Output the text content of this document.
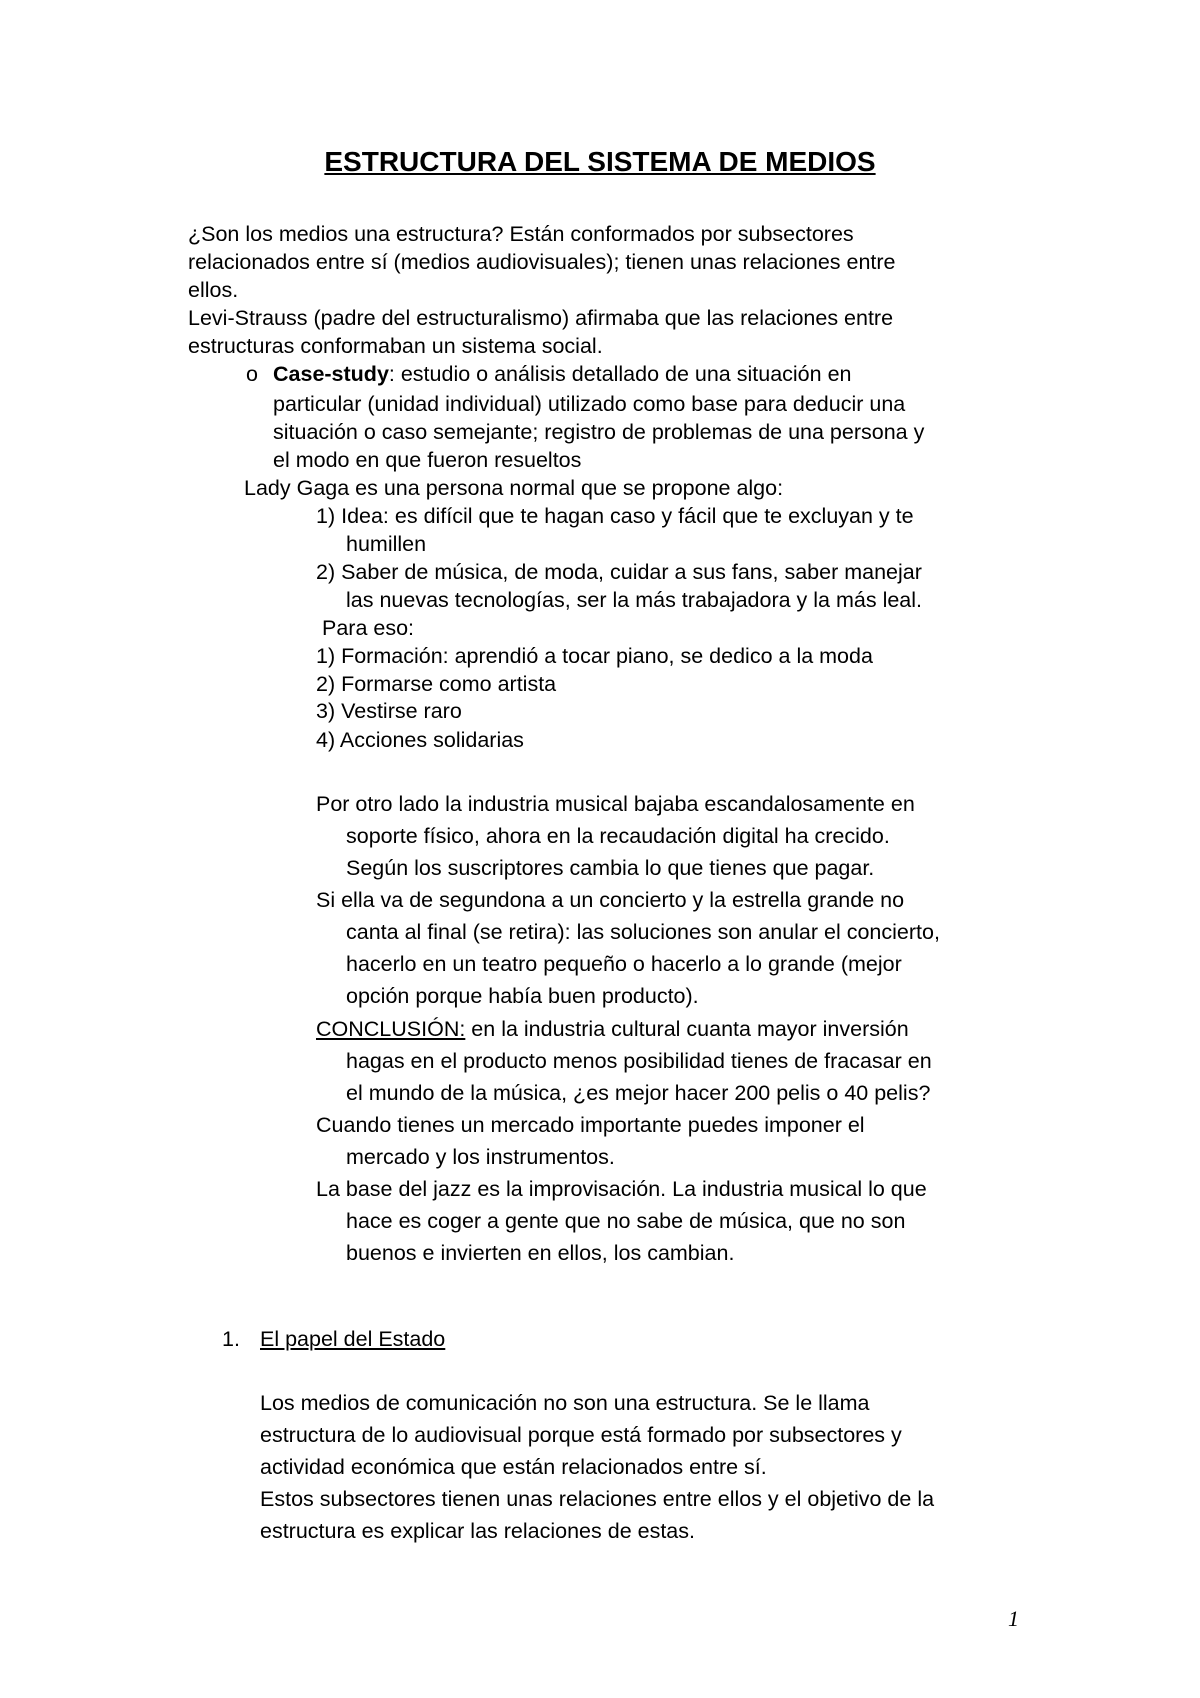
ESTRUCTURA DEL SISTEMA DE MEDIOS
¿Son los medios una estructura? Están conformados por subsectores
relacionados entre sí (medios audiovisuales); tienen unas relaciones entre
ellos.
Levi-Strauss (padre del estructuralismo) afirmaba que las relaciones entre
estructuras conformaban un sistema social.
o Case-study: estudio o análisis detallado de una situación en
particular (unidad individual) utilizado como base para deducir una
situación o caso semejante; registro de problemas de una persona y
el modo en que fueron resueltos
Lady Gaga es una persona normal que se propone algo:
1) Idea: es difícil que te hagan caso y fácil que te excluyan y te
humillen
2) Saber de música, de moda, cuidar a sus fans, saber manejar
las nuevas tecnologías, ser la más trabajadora y la más leal.
Para eso:
1) Formación: aprendió a tocar piano, se dedico a la moda
2) Formarse como artista
3) Vestirse raro
4) Acciones solidarias
Por otro lado la industria musical bajaba escandalosamente en
soporte físico, ahora en la recaudación digital ha crecido.
Según los suscriptores cambia lo que tienes que pagar.
Si ella va de segundona a un concierto y la estrella grande no
canta al final (se retira): las soluciones son anular el concierto,
hacerlo en un teatro pequeño o hacerlo a lo grande (mejor
opción porque había buen producto).
CONCLUSIÓN: en la industria cultural cuanta mayor inversión
hagas en el producto menos posibilidad tienes de fracasar en
el mundo de la música, ¿es mejor hacer 200 pelis o 40 pelis?
Cuando tienes un mercado importante puedes imponer el
mercado y los instrumentos.
La base del jazz es la improvisación. La industria musical lo que
hace es coger a gente que no sabe de música, que no son
buenos e invierten en ellos, los cambian.
1. El papel del Estado
Los medios de comunicación no son una estructura. Se le llama
estructura de lo audiovisual porque está formado por subsectores y
actividad económica que están relacionados entre sí.
Estos subsectores tienen unas relaciones entre ellos y el objetivo de la
estructura es explicar las relaciones de estas.
1
